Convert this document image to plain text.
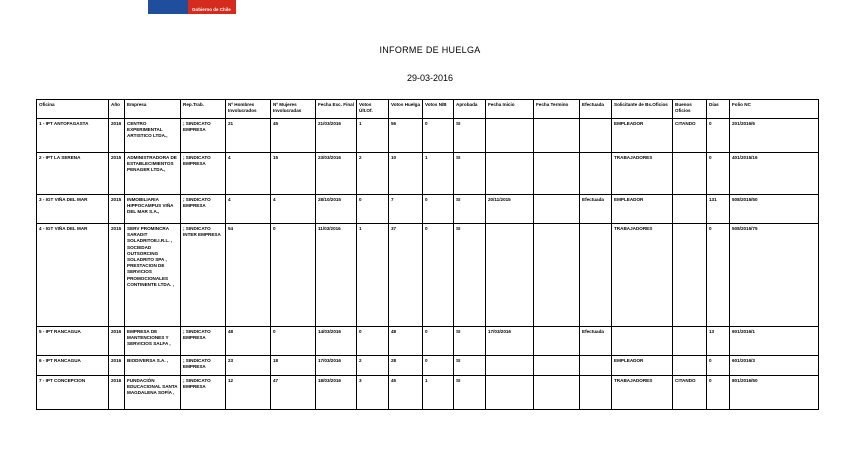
Gobierno de Chile
INFORME DE HUELGA
29-03-2016
Oficina	Año	Empresa	Rep.Trab.	Nº Hombres Involucrados	Nº Mujeres Involucradas	Fecha Exc. Final	Votos Últ.Of.	Votos Huelga	Votos N/B	Aprobada	Fecha Inicio	Fecha Termino	Efectuada	Solicitante de Bs.Oficios	Buenos Oficios	Días	Folio NC
1 - IPT ANTOFAGASTA	2016	CENTRO EXPERIMENTAL ARTISTICO LTDA.,	; SINDICATO EMPRESA	21	45	21/03/2016	1	56	0	SI				EMPLEADOR	CITANDO	0	201/2016/6
2 - IPT LA SERENA	2015	ADMINISTRADORA DE ESTABLECIMIENTOS PENAGER LTDA.,	; SINDICATO EMPRESA	4	15	23/03/2016	2	10	1	SI				TRABAJADORES		0	401/2015/16
3 - IGT VIÑA DEL MAR	2015	INMOBILIARIA HIPPOCAMPUS VIÑA DEL MAR S.A.,	; SINDICATO EMPRESA	4	4	28/10/2015	0	7	0	SI	20/11/2015		Efectuada	EMPLEADOR		131	508/2015/50
4 - IGT VIÑA DEL MAR	2015	SERV PROMINCRA SARADIT SOLADRITOE.I.R.L. , SOCIEDAD OUTSORCING SOLADRITO SPA , PRESTACION DE SERVICIOS PROMOCIONALES CONTINENTE LTDA. ,	; SINDICATO INTER EMPRESA	54	0	11/03/2016	1	37	0	SI				TRABAJADORES		0	508/2015/75
5 - IPT RANCAGUA	2016	EMPRESA DE MANTENCIONES Y SERVICIOS SALFA ,	; SINDICATO EMPRESA	48	0	14/03/2016	0	48	0	SI	17/03/2016		Efectuada			13	601/2016/1
6 - IPT RANCAGUA	2016	BIODIVERSA S.A. ,	; SINDICATO EMPRESA	23	18	17/03/2016	2	28	0	SI				EMPLEADOR		0	601/2016/3
7 - IPT CONCEPCION	2016	FUNDACIÓN EDUCACIONAL SANTA MAGDALENA SOFÍA ,	; SINDICATO EMPRESA	12	47	18/03/2016	3	45	1	SI				TRABAJADORES	CITANDO	0	801/2016/50
